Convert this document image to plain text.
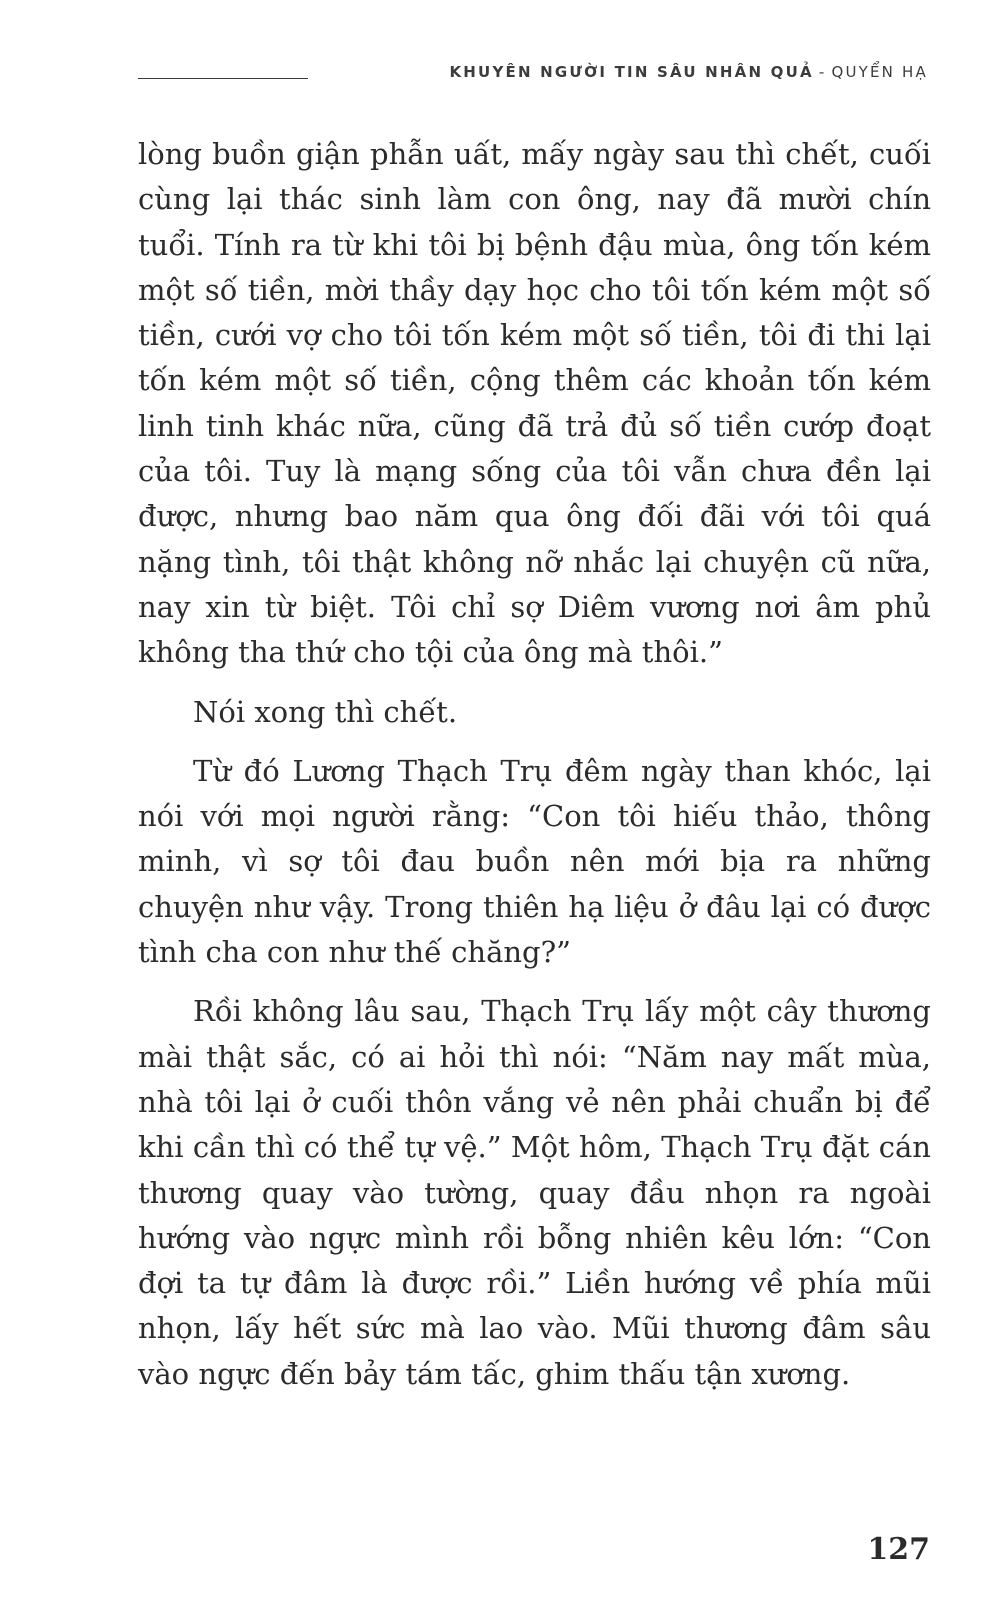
KHUYÊN NGƯỜI TIN SÂU NHÂN QUẢ - QUYỂN HẠ

lòng buồn giận phẫn uất, mấy ngày sau thì chết, cuối cùng lại thác sinh làm con ông, nay đã mười chín tuổi. Tính ra từ khi tôi bị bệnh đậu mùa, ông tốn kém một số tiền, mời thầy dạy học cho tôi tốn kém một số tiền, cưới vợ cho tôi tốn kém một số tiền, tôi đi thi lại tốn kém một số tiền, cộng thêm các khoản tốn kém linh tinh khác nữa, cũng đã trả đủ số tiền cướp đoạt của tôi. Tuy là mạng sống của tôi vẫn chưa đền lại được, nhưng bao năm qua ông đối đãi với tôi quá nặng tình, tôi thật không nỡ nhắc lại chuyện cũ nữa, nay xin từ biệt. Tôi chỉ sợ Diêm vương nơi âm phủ không tha thứ cho tội của ông mà thôi.”

Nói xong thì chết.

Từ đó Lương Thạch Trụ đêm ngày than khóc, lại nói với mọi người rằng: “Con tôi hiếu thảo, thông minh, vì sợ tôi đau buồn nên mới bịa ra những chuyện như vậy. Trong thiên hạ liệu ở đâu lại có được tình cha con như thế chăng?”

Rồi không lâu sau, Thạch Trụ lấy một cây thương mài thật sắc, có ai hỏi thì nói: “Năm nay mất mùa, nhà tôi lại ở cuối thôn vắng vẻ nên phải chuẩn bị để khi cần thì có thể tự vệ.” Một hôm, Thạch Trụ đặt cán thương quay vào tường, quay đầu nhọn ra ngoài hướng vào ngực mình rồi bỗng nhiên kêu lớn: “Con đợi ta tự đâm là được rồi.” Liền hướng về phía mũi nhọn, lấy hết sức mà lao vào. Mũi thương đâm sâu vào ngực đến bảy tám tấc, ghim thấu tận xương.

127
